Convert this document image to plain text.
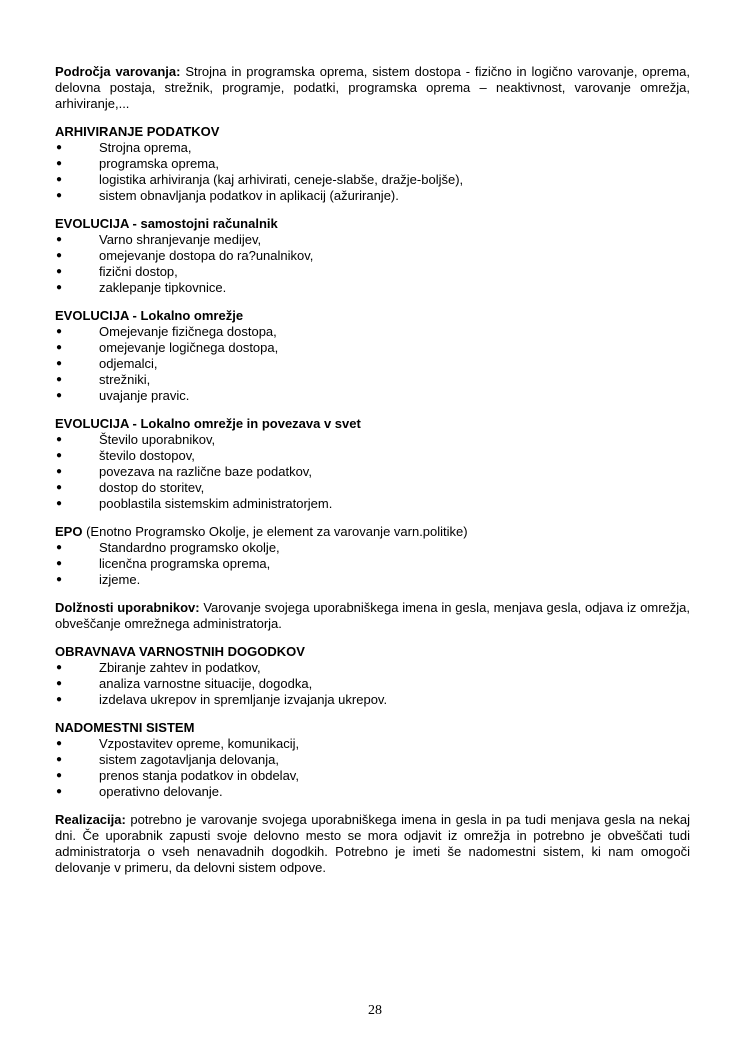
Področja varovanja: Strojna in programska oprema, sistem dostopa - fizično in logično varovanje, oprema, delovna postaja, strežnik, programje, podatki, programska oprema – neaktivnost, varovanje omrežja, arhiviranje,...

ARHIVIRANJE PODATKOV
●	Strojna oprema,
●	programska oprema,
●	logistika arhiviranja (kaj arhivirati, ceneje-slabše, dražje-boljše),
●	sistem obnavljanja podatkov in aplikacij (ažuriranje).
EVOLUCIJA - samostojni računalnik
●	Varno shranjevanje medijev,
●	omejevanje dostopa do ra?unalnikov,
●	fizični dostop,
●	zaklepanje tipkovnice.
EVOLUCIJA - Lokalno omrežje
●	Omejevanje fizičnega dostopa,
●	omejevanje logičnega dostopa,
●	odjemalci,
●	strežniki,
●	uvajanje pravic.
EVOLUCIJA - Lokalno omrežje in povezava v svet
●	Število uporabnikov,
●	število dostopov,
●	povezava na različne baze podatkov,
●	dostop do storitev,
●	pooblastila sistemskim administratorjem.

EPO (Enotno Programsko Okolje, je element za varovanje varn.politike)

●	Standardno programsko okolje,
●	licenčna programska oprema,
●	izjeme.

Dolžnosti uporabnikov: Varovanje svojega uporabniškega imena in gesla, menjava gesla, odjava iz omrežja, obveščanje omrežnega administratorja.

OBRAVNAVA VARNOSTNIH DOGODKOV
●	Zbiranje zahtev in podatkov,
●	analiza varnostne situacije, dogodka,
●	izdelava ukrepov in spremljanje izvajanja ukrepov.
NADOMESTNI SISTEM
●	Vzpostavitev opreme, komunikacij,
●	sistem zagotavljanja delovanja,
●	prenos stanja podatkov in obdelav,
●	operativno delovanje.

Realizacija: potrebno je varovanje svojega uporabniškega imena in gesla in pa tudi menjava gesla na nekaj dni. Če uporabnik zapusti svoje delovno mesto se mora odjavit iz omrežja in potrebno je obveščati tudi administratorja o vseh nenavadnih dogodkih. Potrebno je imeti še nadomestni sistem, ki nam omogoči delovanje v primeru, da delovni sistem odpove.

28
